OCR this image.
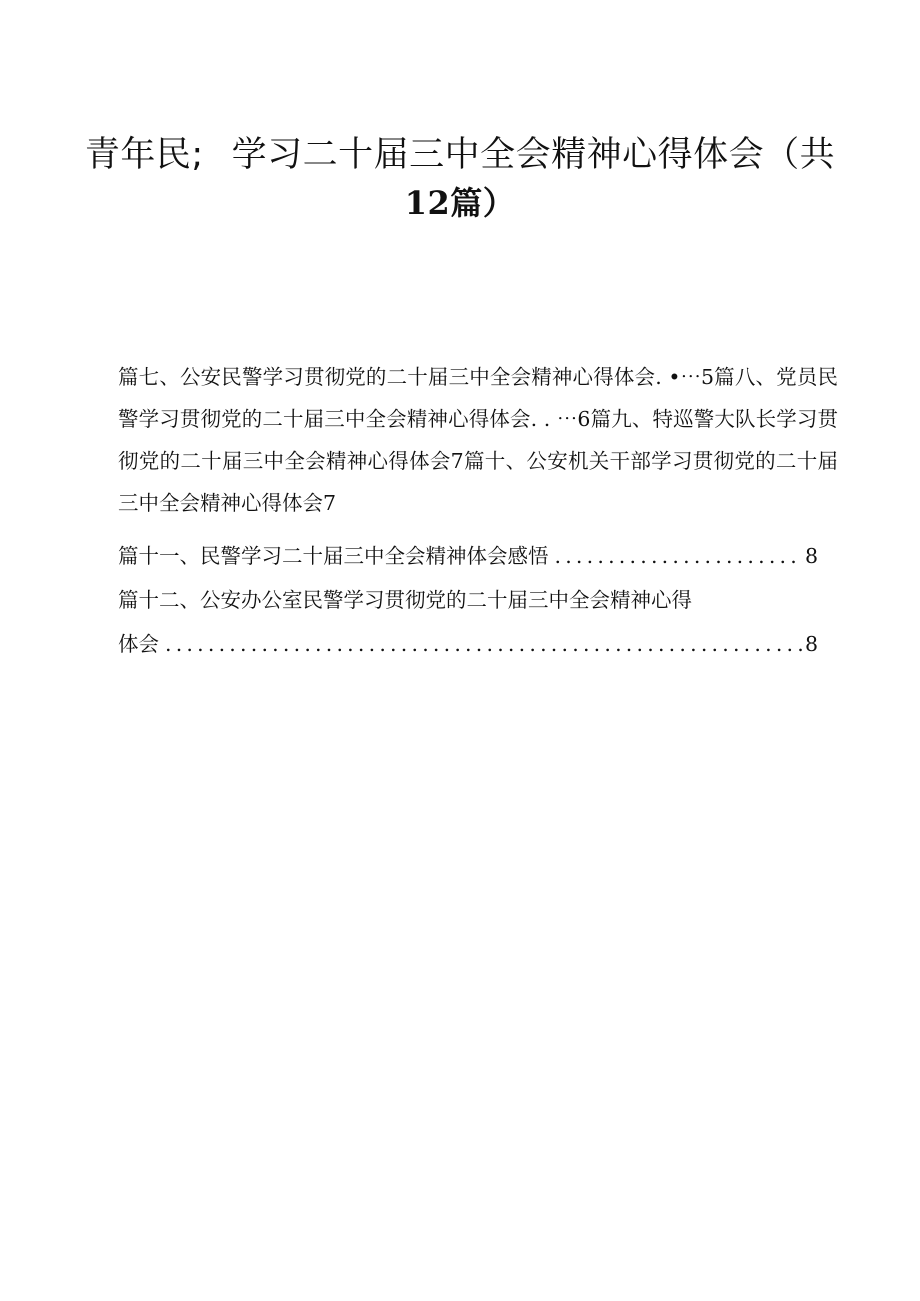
青年民; 学习二十届三中全会精神心得体会（共
12篇）
篇七、公安民警学习贯彻党的二十届三中全会精神心得体会. •⋯5篇八、党员民警学习贯彻党的二十届三中全会精神心得体会. . ⋯6篇九、特巡警大队长学习贯彻党的二十届三中全会精神心得体会7篇十、公安机关干部学习贯彻党的二十届三中全会精神心得体会7
篇十一、民警学习二十届三中全会精神体会感悟 .....	8
篇十二、公安办公室民警学习贯彻党的二十届三中全会精神心得
体会 .....	8
